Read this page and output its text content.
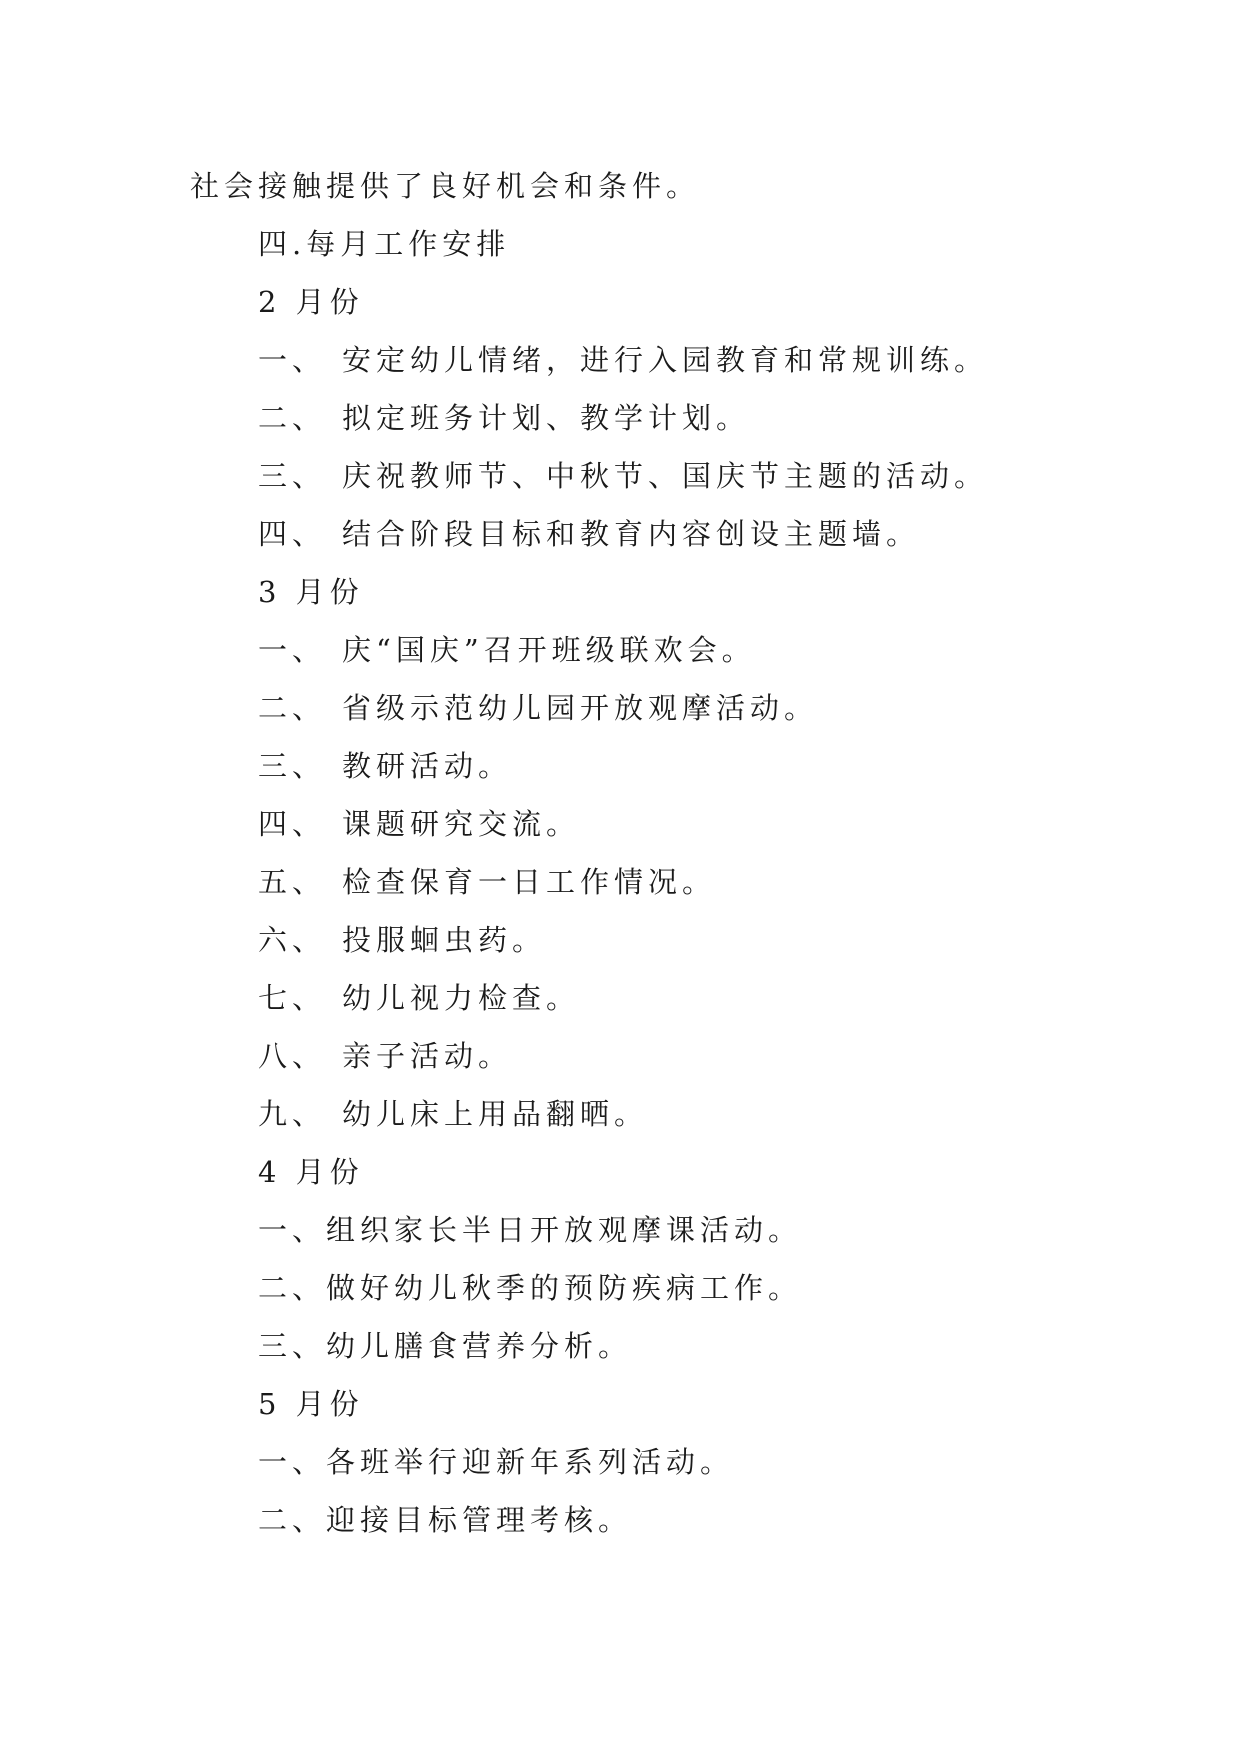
社会接触提供了良好机会和条件。
四.每月工作安排
2 月份
一、 安定幼儿情绪，进行入园教育和常规训练。
二、 拟定班务计划、教学计划。
三、 庆祝教师节、中秋节、国庆节主题的活动。
四、 结合阶段目标和教育内容创设主题墙。
3 月份
一、 庆“国庆”召开班级联欢会。
二、 省级示范幼儿园开放观摩活动。
三、 教研活动。
四、 课题研究交流。
五、 检查保育一日工作情况。
六、 投服蛔虫药。
七、 幼儿视力检查。
八、 亲子活动。
九、 幼儿床上用品翻晒。
4 月份
一、组织家长半日开放观摩课活动。
二、做好幼儿秋季的预防疾病工作。
三、幼儿膳食营养分析。
5 月份
一、各班举行迎新年系列活动。
二、迎接目标管理考核。
